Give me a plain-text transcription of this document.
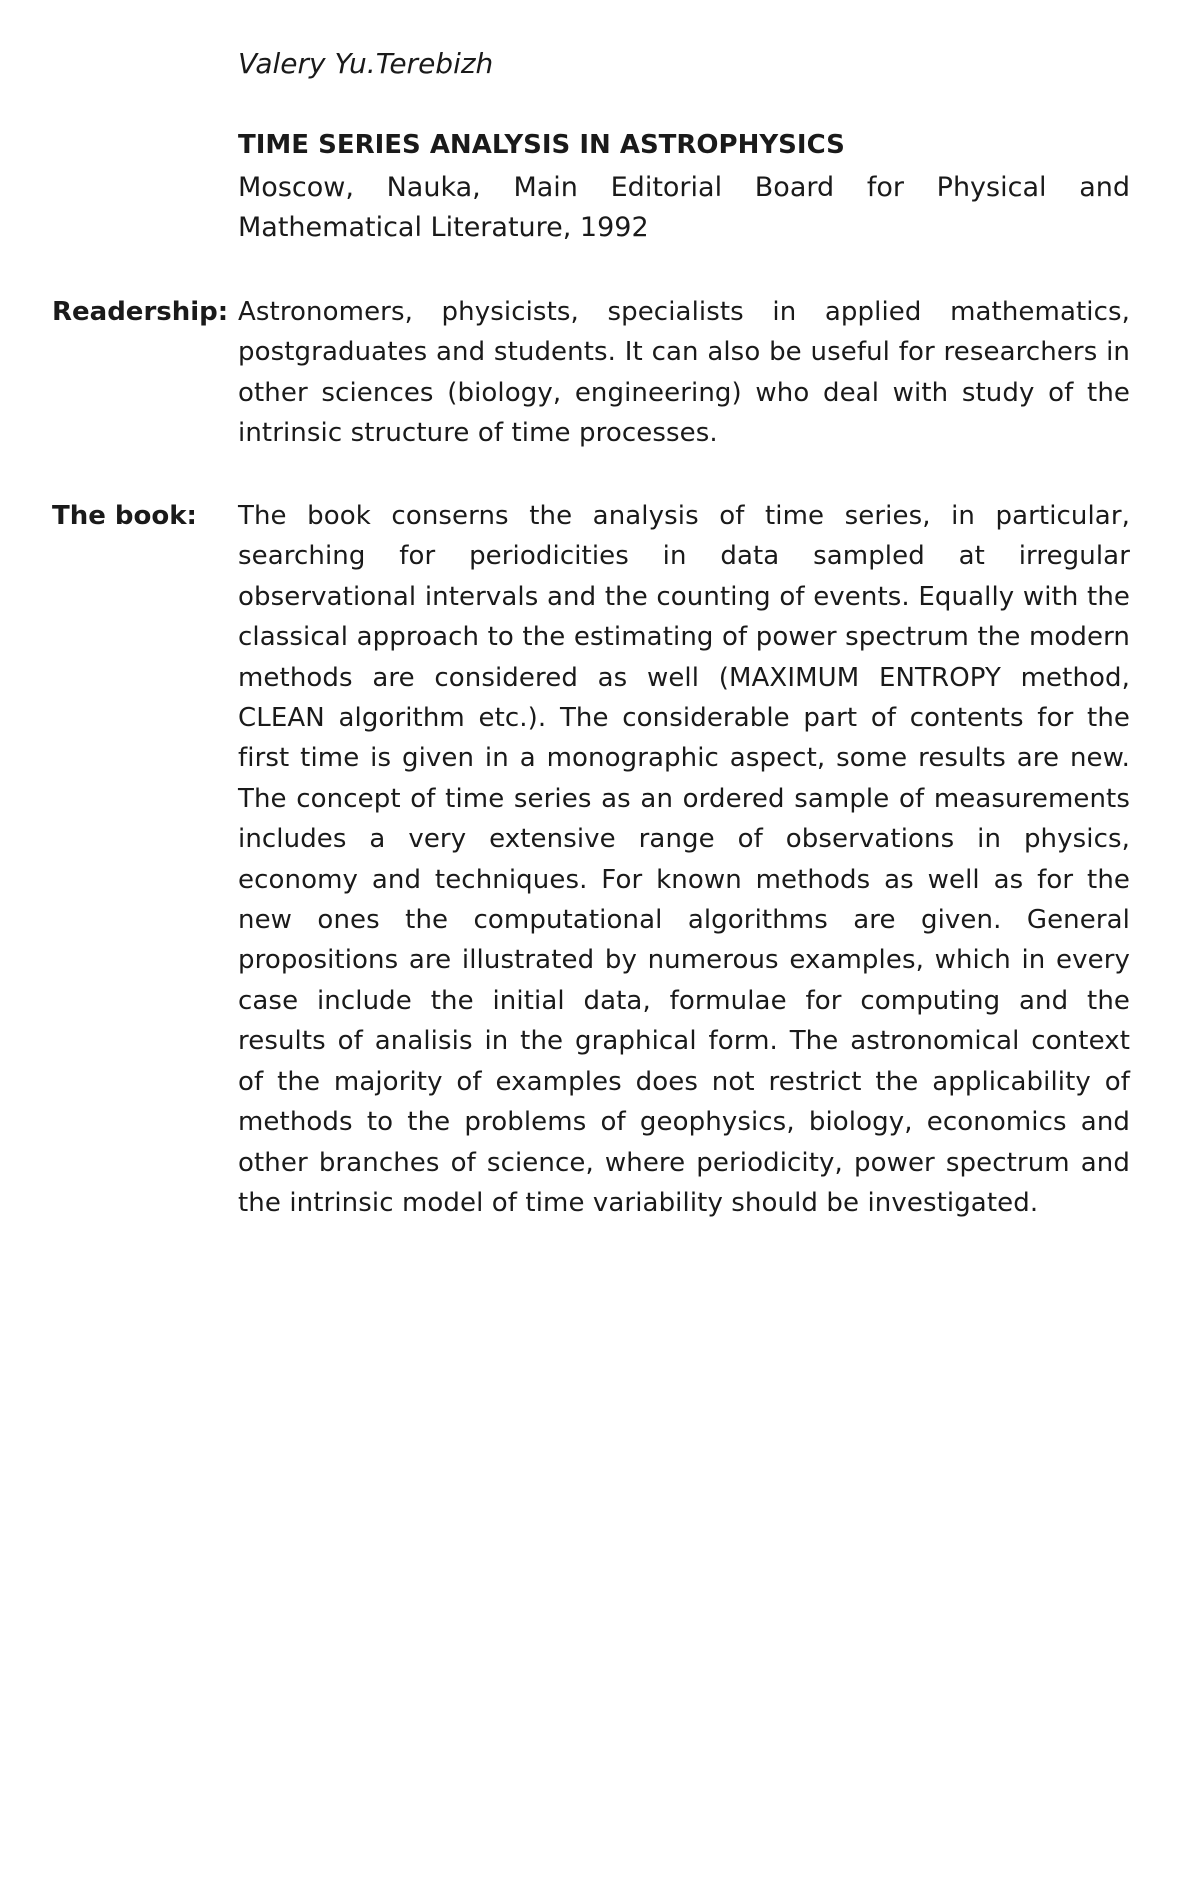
Valery Yu.Terebizh
TIME SERIES ANALYSIS IN ASTROPHYSICS
Moscow, Nauka, Main Editorial Board for Physical and Mathematical Literature, 1992
Readership: Astronomers, physicists, specialists in applied mathematics, postgraduates and students. It can also be useful for researchers in other sciences (biology, engineering) who deal with study of the intrinsic structure of time processes.
The book:	The book conserns the analysis of time series, in particular, searching for periodicities in data sampled at irregular observational intervals and the counting of events. Equally with the classical approach to the estimating of power spectrum the modern methods are considered as well (MAXIMUM ENTROPY method, CLEAN algorithm etc.). The considerable part of contents for the first time is given in a monographic aspect, some results are new. The concept of time series as an ordered sample of measurements includes a very extensive range of observations in physics, economy and techniques. For known methods as well as for the new ones the computational algorithms are given. General propositions are illustrated by numerous examples, which in every case include the initial data, formulae for computing and the results of analisis in the graphical form. The astronomical context of the majority of examples does not restrict the applicability of methods to the problems of geophysics, biology, economics and other branches of science, where periodicity, power spectrum and the intrinsic model of time variability should be investigated.
